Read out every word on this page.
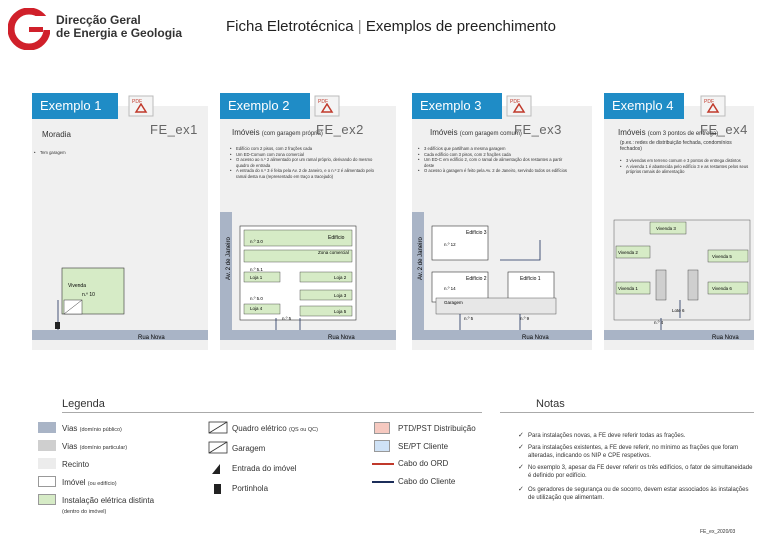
Direcção Geral
de Energia e Geologia	Ficha Eletrotécnica | Exemplos de preenchimento
Exemplo 1	Exemplo 2	Exemplo 3	Exemplo 4
PDF	PDF	PDF	PDF
FE_ex1	FE_ex2	FE_ex3	FE_ex4
Moradia	Imóveis (com garagem própria)	Imóveis (com garagem comum)	Imóveis (com 3 pontos de entrega)
(p.ex.: redes de distribuição fechada, condomínios fechados)
• Tem garagem
• Edifício com 2 pisos, com 2 frações cada
• Um ED-Comum com zona comercial
• O acesso ao n.º 2 alimentado por um ramal próprio, derivando do mesmo quadro de entrada
• A entrada do n.º 3 é feita pela Av. 2 de Janeiro, e o n.º 2 é alimentado pelo ramal desta rua (representado em traço a tracejado)
• 3 edifícios que partilham a mesma garagem
• Cada edifício com 3 pisos, com 2 frações cada
• Um ED-C em edifício 2, com o ramal de alimentação dos restantes a partir deste
• O acesso à garagem é feito pela Av. 2 de Janeiro, servindo todos os edifícios
• 3 vivendas em terreno comum e 3 pontos de entrega distintos
• A vivenda 1 é abastecida pelo edifício 3 e as restantes pelos seus próprios ramais de alimentação
Vivenda
n.º 10
Rua Nova
Edifício
Zona comercial
n.º 3.0
n.º 5.1
n.º 5.0
n.º 5
Loja 1	Loja 2
Loja 3
Loja 4
Loja 5
Rua Nova
Av. 2 de Janeiro
Edifício 3
Edifício 2	Edifício 1
Garagem
n.º 12
n.º 14
n.º 5	n.º 9
Rua Nova
Av. 2 de Janeiro
Vivenda 3
Vivenda 2
Vivenda 5
Vivenda 1	Vivenda 6
Lote 6
n.º 4
Rua Nova
Legenda
Vias (domínio público)
Vias (domínio particular)
Recinto
Imóvel (ou edifício)
Instalação elétrica distinta
(dentro do imóvel)
Quadro elétrico (QS ou QC)
Garagem
Entrada do imóvel
Portinhola
PTD/PST Distribuição
SE/PT Cliente
Cabo do ORD
Cabo do Cliente
Notas
✓ Para instalações novas, a FE deve referir todas as frações.
✓ Para instalações existentes, a FE deve referir, no mínimo as frações que foram alteradas, indicando os NIP e CPE respetivos.
✓ No exemplo 3, apesar da FE dever referir os três edifícios, o fator de simultaneidade é definido por edifício.
✓ Os geradores de segurança ou de socorro, devem estar associados às instalações de utilização que alimentam.
FE_ex_2020/03
